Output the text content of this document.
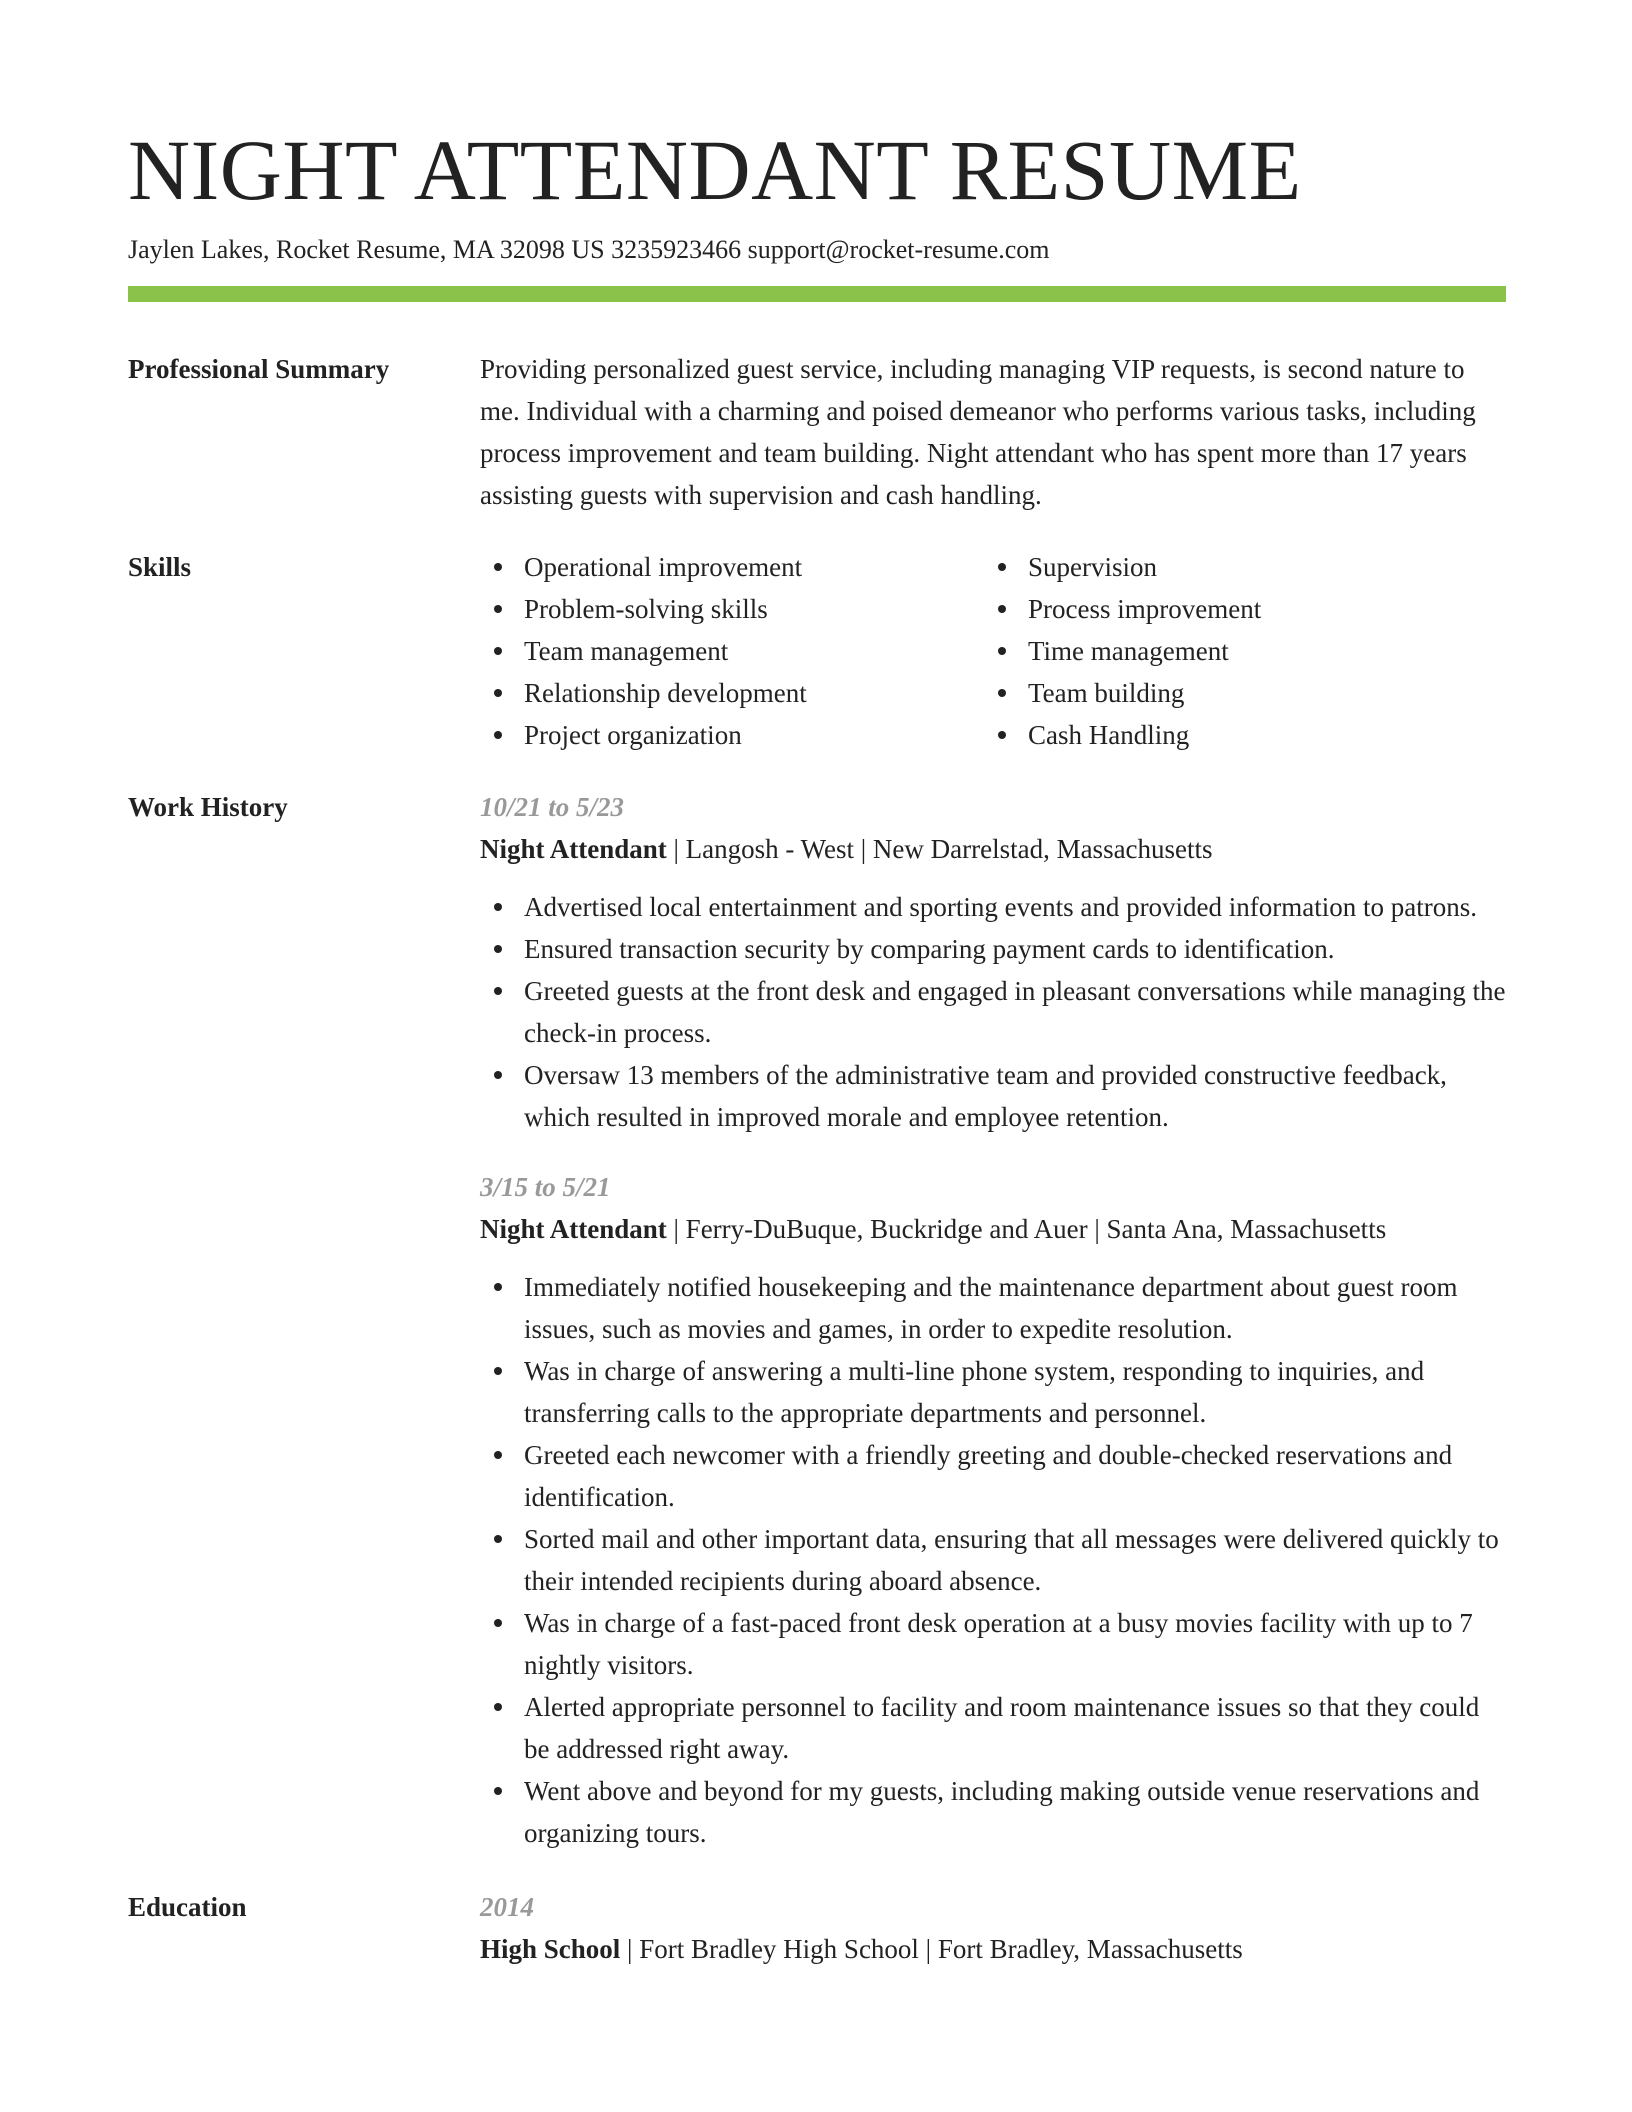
NIGHT ATTENDANT RESUME
Jaylen Lakes, Rocket Resume, MA 32098 US 3235923466 support@rocket-resume.com
Professional Summary	Providing personalized guest service, including managing VIP requests, is second nature to me. Individual with a charming and poised demeanor who performs various tasks, including process improvement and team building. Night attendant who has spent more than 17 years assisting guests with supervision and cash handling.

Skills	Operational improvement
Problem-solving skills
Team management
Relationship development
Project organization
Supervision
Process improvement
Time management
Team building
Cash Handling
Work History	10/21 to 5/23
Night Attendant | Langosh - West | New Darrelstad, Massachusetts
Advertised local entertainment and sporting events and provided information to patrons.
Ensured transaction security by comparing payment cards to identification.
Greeted guests at the front desk and engaged in pleasant conversations while managing the check-in process.
Oversaw 13 members of the administrative team and provided constructive feedback, which resulted in improved morale and employee retention.
3/15 to 5/21
Night Attendant | Ferry-DuBuque, Buckridge and Auer | Santa Ana, Massachusetts
Immediately notified housekeeping and the maintenance department about guest room issues, such as movies and games, in order to expedite resolution.
Was in charge of answering a multi-line phone system, responding to inquiries, and transferring calls to the appropriate departments and personnel.
Greeted each newcomer with a friendly greeting and double-checked reservations and identification.
Sorted mail and other important data, ensuring that all messages were delivered quickly to their intended recipients during aboard absence.
Was in charge of a fast-paced front desk operation at a busy movies facility with up to 7 nightly visitors.
Alerted appropriate personnel to facility and room maintenance issues so that they could be addressed right away.
Went above and beyond for my guests, including making outside venue reservations and organizing tours.
Education	2014
High School | Fort Bradley High School | Fort Bradley, Massachusetts
